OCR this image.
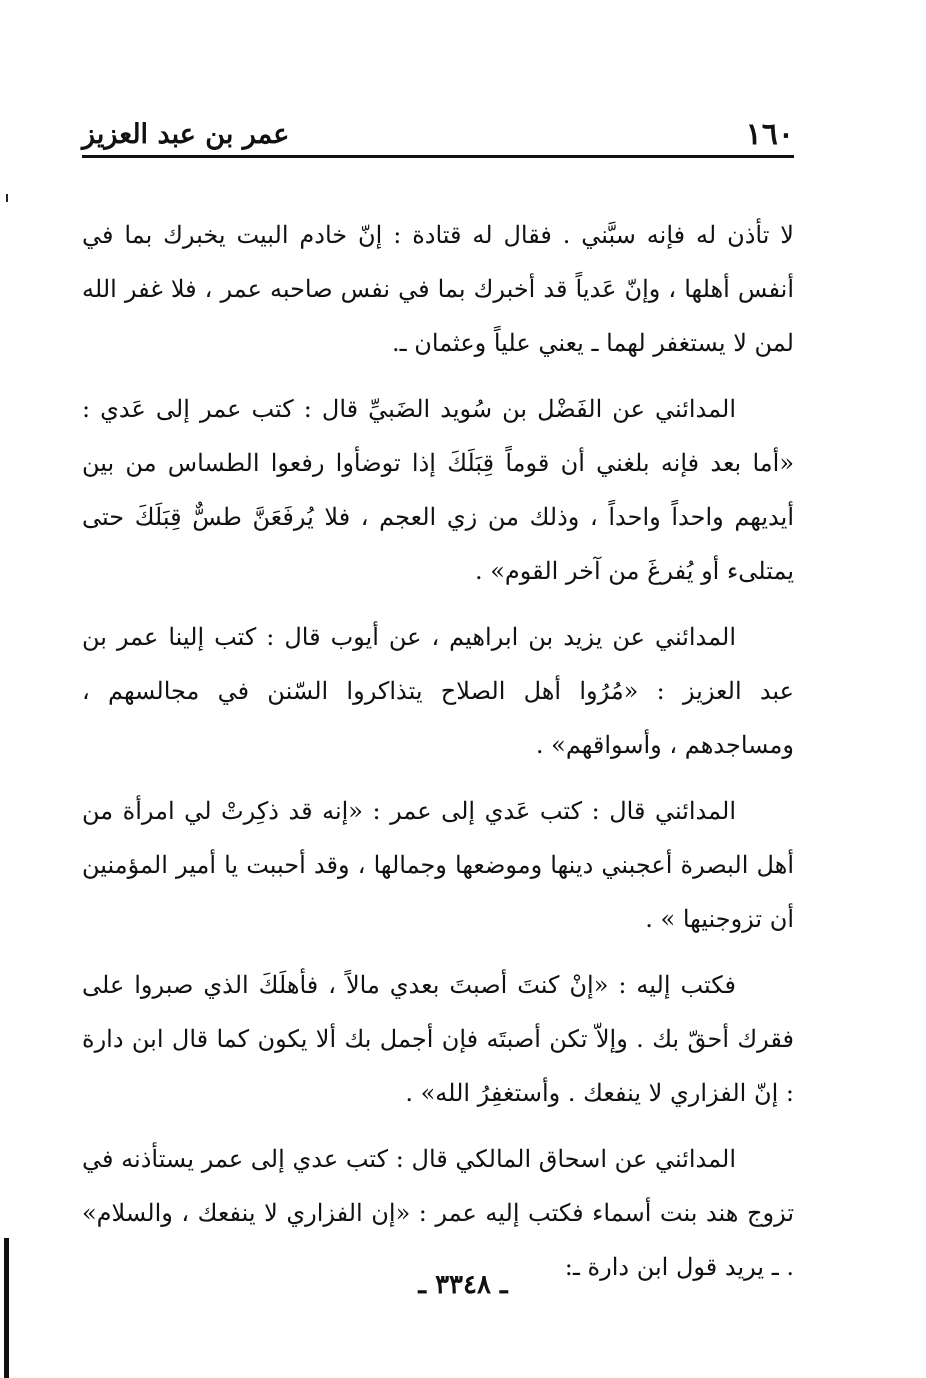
١٦٠
عمر بن عبد العزيز

لا تأذن له فإنه سبَّني . فقال له قتادة : إنّ خادم البيت يخبرك بما في أنفس أهلها ، وإنّ عَدياً قد أخبرك بما في نفس صاحبه عمر ، فلا غفر الله لمن لا يستغفر لهما ـ يعني علياً وعثمان ـ.

المدائني عن الفَضْل بن سُويد الضَبيِّ قال : كتب عمر إلى عَدي : «أما بعد فإنه بلغني أن قوماً قِبَلَكَ إذا توضأوا رفعوا الطساس من بين أيديهم واحداً واحداً ، وذلك من زي العجم ، فلا يُرفَعَنَّ طسٌّ قِبَلَكَ حتى يمتلىء أو يُفرغَ من آخر القوم» .

المدائني عن يزيد بن ابراهيم ، عن أيوب قال : كتب إلينا عمر بن عبد العزيز : «مُرُوا أهل الصلاح يتذاكروا السّنن في مجالسهم ، ومساجدهم ، وأسواقهم» .

المدائني قال : كتب عَدي إلى عمر : «إنه قد ذكِرتْ لي امرأة من أهل البصرة أعجبني دينها وموضعها وجمالها ، وقد أحببت يا أمير المؤمنين أن تزوجنيها » .

فكتب إليه : «إنْ كنتَ أصبتَ بعدي مالاً ، فأهلَكَ الذي صبروا على فقرك أحقّ بك . وإلاّ تكن أصبتَه فإن أجمل بك ألا يكون كما قال ابن دارة : إنّ الفزاري لا ينفعك . وأستغفِرُ الله» .

المدائني عن اسحاق المالكي قال : كتب عدي إلى عمر يستأذنه في تزوج هند بنت أسماء فكتب إليه عمر : «إن الفزاري لا ينفعك ، والسلام» . ـ يريد قول ابن دارة ـ:

ـ ٣٣٤٨ ـ
